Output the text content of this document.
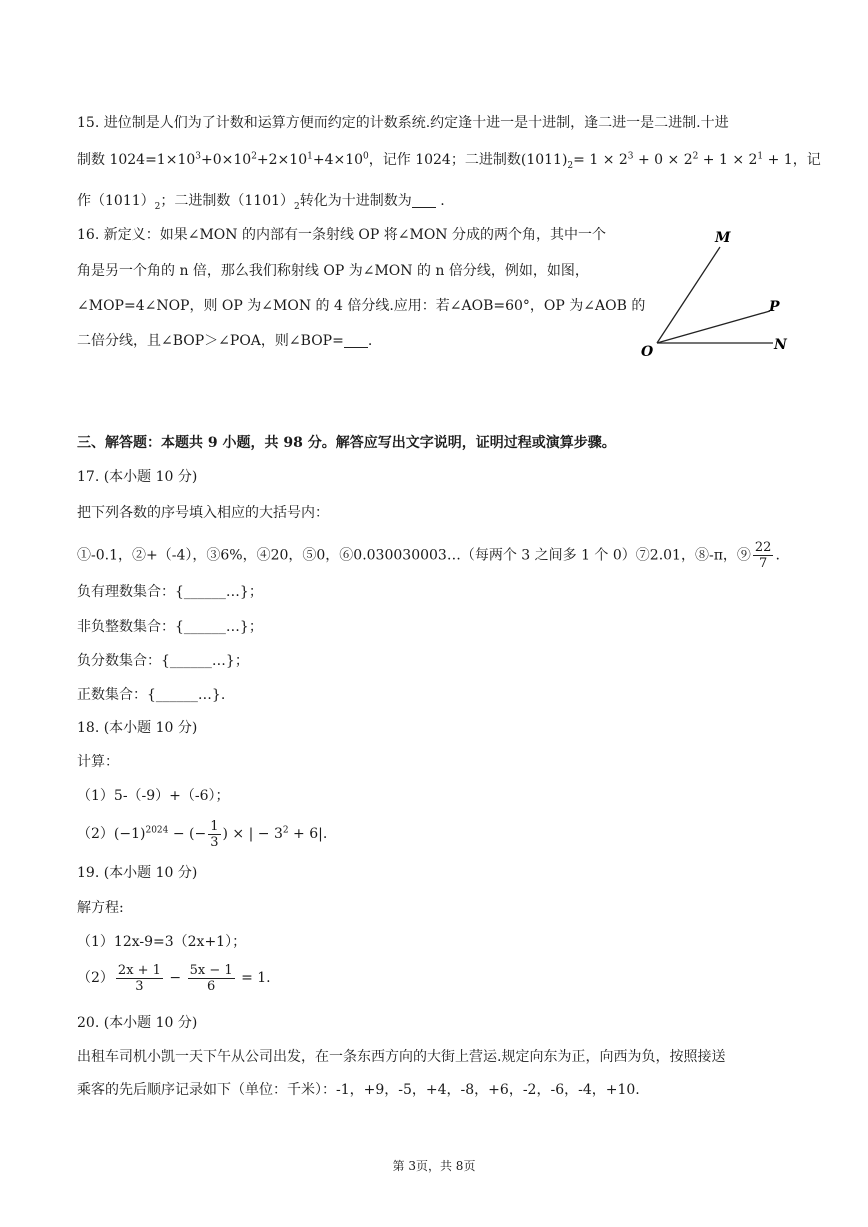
15. 进位制是人们为了计数和运算方便而约定的计数系统.约定逢十进一是十进制，逢二进一是二进制.十进
制数 $1024=1\times 10^3+0\times 10^2+2\times 10^1+4\times 10^0$，记作 1024；二进制数$(1011)_2= 1 \times 2^3 + 0 \times 2^2 + 1 \times 2^1 + 1$，记
作$(1011)_2$；二进制数$(1101)_2$转化为十进制数为 .
16. 新定义：如果∠MON 的内部有一条射线 OP 将∠MON 分成的两个角，其中一个
角是另一个角的 n 倍，那么我们称射线 OP 为∠MON 的 n 倍分线，例如，如图，
∠MOP=4∠NOP，则 OP 为∠MON 的 4 倍分线.应用：若∠AOB=60°，OP 为∠AOB 的
二倍分线，且∠BOP＞∠POA，则∠BOP= .
M
P
O	N
三、解答题：本题共 9 小题，共 98 分。解答应写出文字说明，证明过程或演算步骤。
17. (本小题 10 分)
把下列各数的序号填入相应的大括号内：
①-0.1，②+（-4），③6%，④20，⑤0，⑥0.030030003…（每两个 3 之间多 1 个 0）⑦2.01，⑧-π，⑨ $\frac{22}{7}$ .
负有理数集合：{______…}；
非负整数集合：{______…}；
负分数集合：{______…}；
正数集合：{______…}.
18. (本小题 10 分)
计算：
（1）5-（-9）+（-6）；
$(2)(-1)^{2024}$ − (− $\frac{1}{3}$ ) × | − $3^2 + 6|$.
19. (本小题 10 分)
解方程:
（1）12x-9=3（2x+1）；
$(2) \frac{2x + 1}{3} - \frac{5x - 1}{6} = 1$.
20. (本小题 10 分)
出租车司机小凯一天下午从公司出发，在一条东西方向的大街上营运.规定向东为正，向西为负，按照接送
乘客的先后顺序记录如下（单位：千米）：-1，+9，-5，+4，-8，+6，-2，-6，-4，+10.
第 3页，共 8页
